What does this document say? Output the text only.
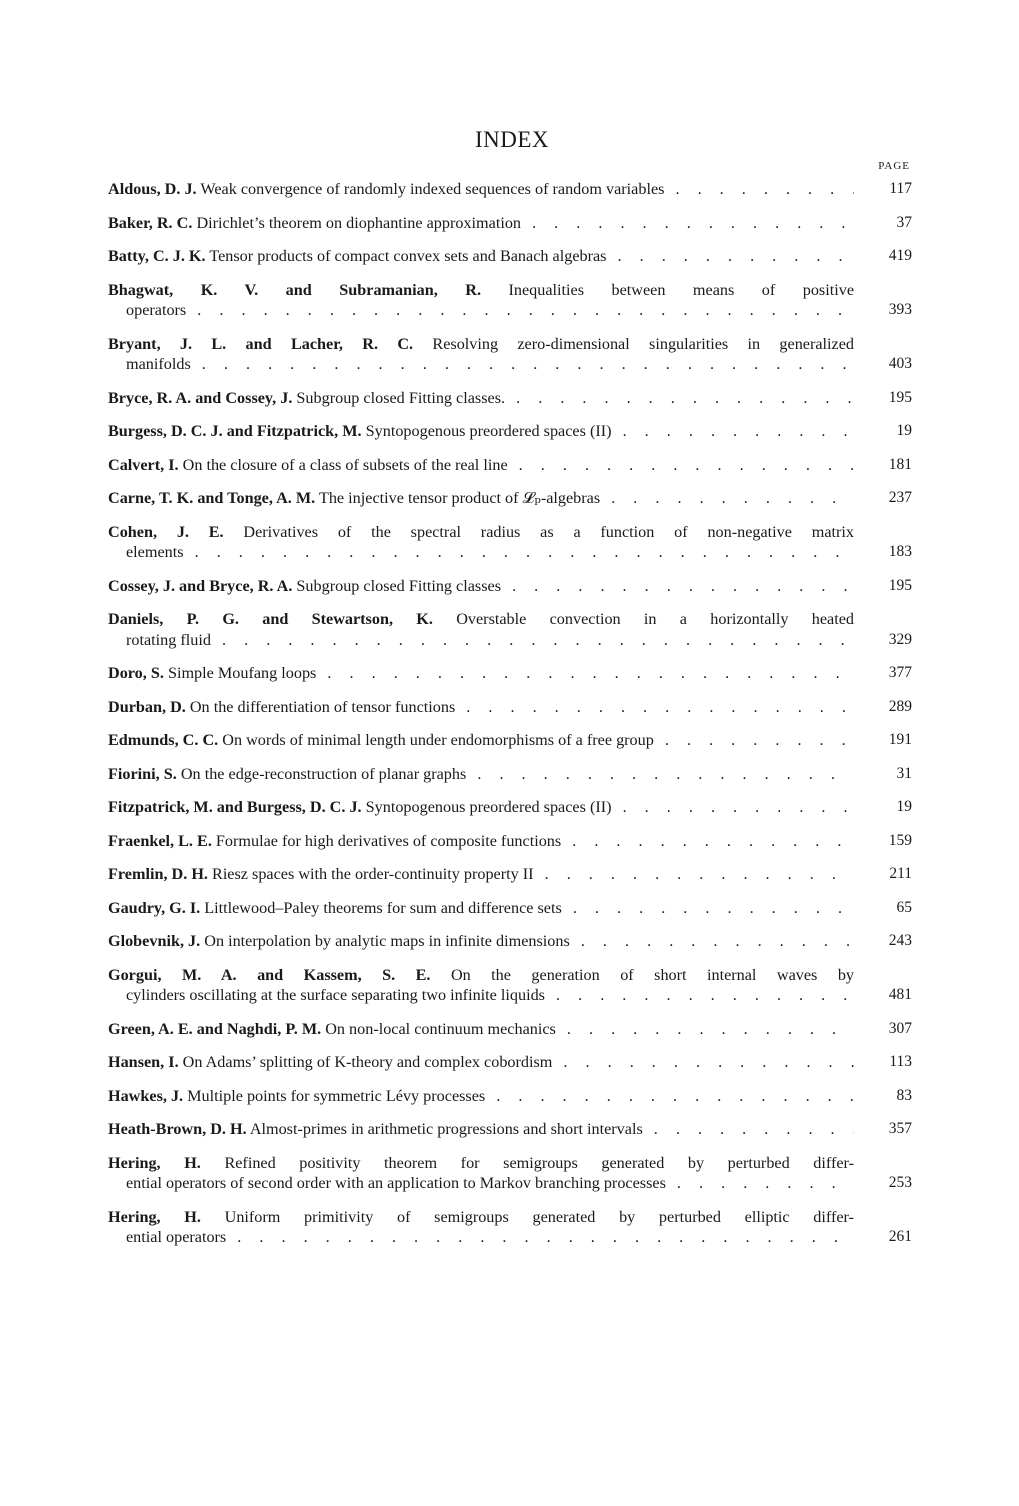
INDEX
PAGE
Aldous, D. J. Weak convergence of randomly indexed sequences of random variables . . .	117
Baker, R. C. Dirichlet’s theorem on diophantine approximation . . .	37
Batty, C. J. K. Tensor products of compact convex sets and Banach algebras . . .	419
Bhagwat, K. V. and Subramanian, R. Inequalities between means of positive
operators . . .	393
Bryant, J. L. and Lacher, R. C. Resolving zero-dimensional singularities in generalized
manifolds . . .	403
Bryce, R. A. and Cossey, J. Subgroup closed Fitting classes. . . .	195
Burgess, D. C. J. and Fitzpatrick, M. Syntopogenous preordered spaces (II) . . .	19
Calvert, I. On the closure of a class of subsets of the real line . . .	181
Carne, T. K. and Tonge, A. M. The injective tensor product of 𝓛ₚ-algebras . . .	237
Cohen, J. E. Derivatives of the spectral radius as a function of non-negative matrix
elements . . .	183
Cossey, J. and Bryce, R. A. Subgroup closed Fitting classes . . .	195
Daniels, P. G. and Stewartson, K. Overstable convection in a horizontally heated
rotating fluid . . .	329
Doro, S. Simple Moufang loops . . .	377
Durban, D. On the differentiation of tensor functions . . .	289
Edmunds, C. C. On words of minimal length under endomorphisms of a free group . . .	191
Fiorini, S. On the edge-reconstruction of planar graphs . . .	31
Fitzpatrick, M. and Burgess, D. C. J. Syntopogenous preordered spaces (II) . . .	19
Fraenkel, L. E. Formulae for high derivatives of composite functions . . .	159
Fremlin, D. H. Riesz spaces with the order-continuity property II . . .	211
Gaudry, G. I. Littlewood–Paley theorems for sum and difference sets . . .	65
Globevnik, J. On interpolation by analytic maps in infinite dimensions . . .	243
Gorgui, M. A. and Kassem, S. E. On the generation of short internal waves by
cylinders oscillating at the surface separating two infinite liquids . . .	481
Green, A. E. and Naghdi, P. M. On non-local continuum mechanics . . .	307
Hansen, I. On Adams’ splitting of K-theory and complex cobordism . . .	113
Hawkes, J. Multiple points for symmetric Lévy processes . . .	83
Heath-Brown, D. H. Almost-primes in arithmetic progressions and short intervals . . .	357
Hering, H. Refined positivity theorem for semigroups generated by perturbed differ-
ential operators of second order with an application to Markov branching processes . . .	253
Hering, H. Uniform primitivity of semigroups generated by perturbed elliptic differ-
ential operators . . .	261
